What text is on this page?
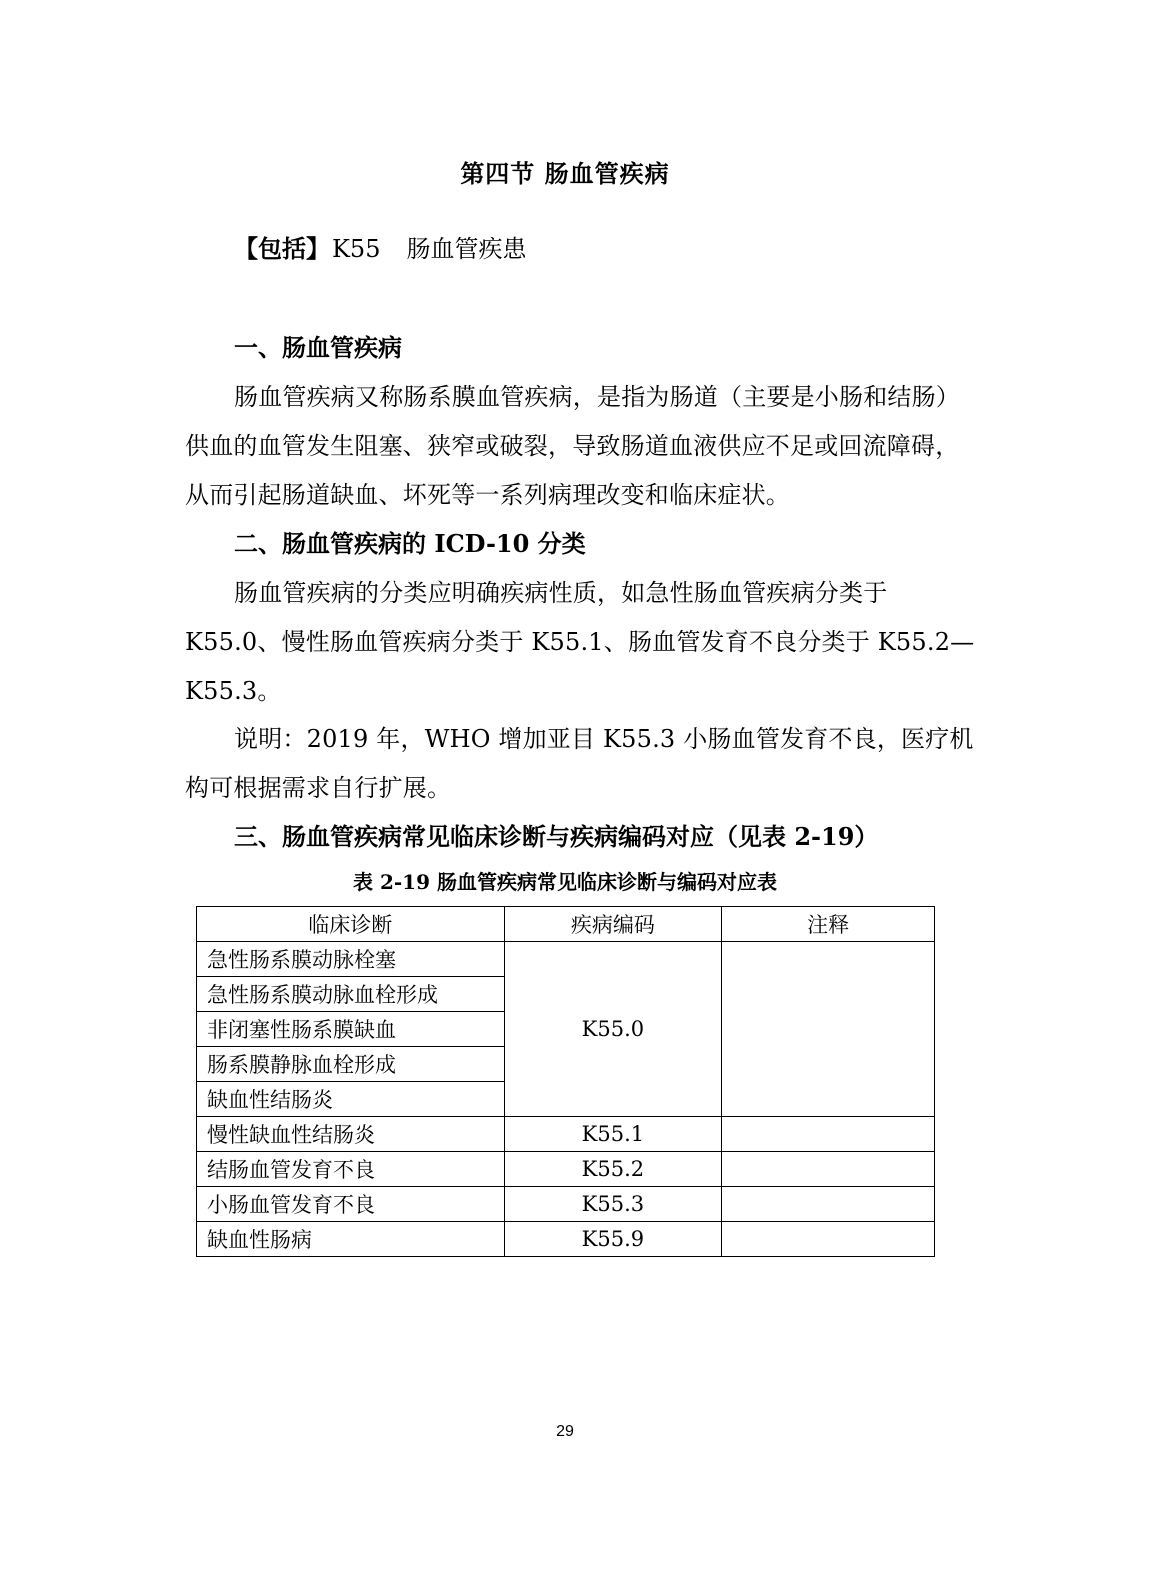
第四节 肠血管疾病
【包括】K55 肠血管疾患
一、肠血管疾病
肠血管疾病又称肠系膜血管疾病，是指为肠道（主要是小肠和结肠）
供血的血管发生阻塞、狭窄或破裂，导致肠道血液供应不足或回流障碍，
从而引起肠道缺血、坏死等一系列病理改变和临床症状。
二、肠血管疾病的 ICD-10 分类
肠血管疾病的分类应明确疾病性质，如急性肠血管疾病分类于
K55.0、慢性肠血管疾病分类于 K55.1、肠血管发育不良分类于 K55.2—
K55.3。
说明：2019 年，WHO 增加亚目 K55.3 小肠血管发育不良，医疗机
构可根据需求自行扩展。
三、肠血管疾病常见临床诊断与疾病编码对应（见表 2-19）
表 2-19 肠血管疾病常见临床诊断与编码对应表
临床诊断	疾病编码	注释
急性肠系膜动脉栓塞	K55.0	
急性肠系膜动脉血栓形成		
非闭塞性肠系膜缺血		
肠系膜静脉血栓形成		
缺血性结肠炎		
慢性缺血性结肠炎	K55.1	
结肠血管发育不良	K55.2	
小肠血管发育不良	K55.3	
缺血性肠病	K55.9	
29
